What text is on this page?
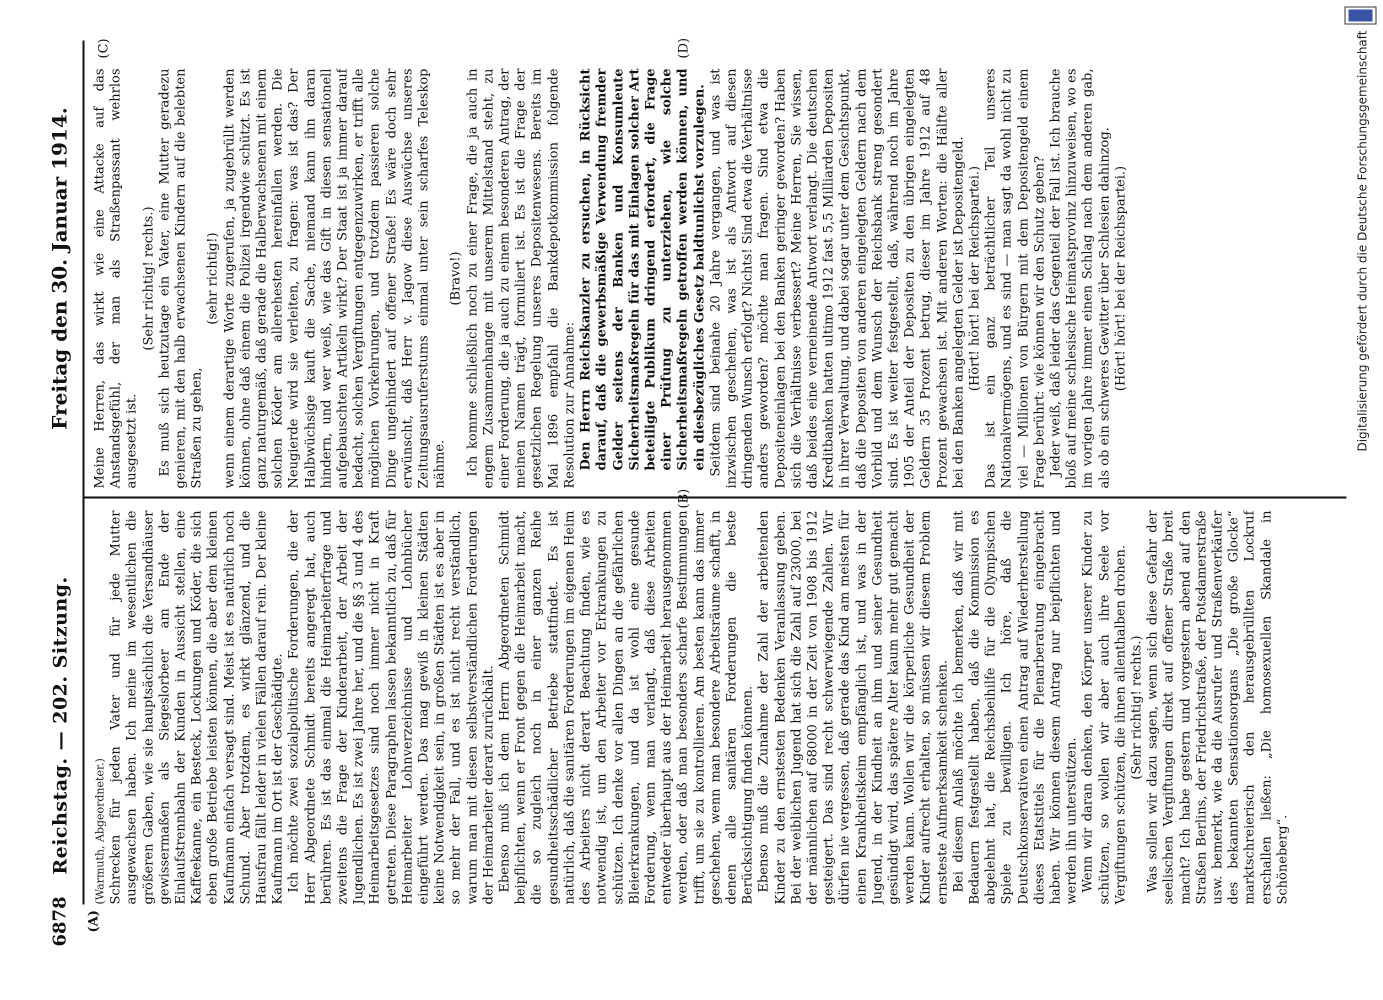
6878
Reichstag. — 202. Sitzung.
Freitag den 30. Januar 1914.
(A)
(B)
(C)	(D)

(Warmuth, Abgeordneter.) Schrecken für jeden Vater und für jede Mutter ausgewachsen haben. Ich meine im wesentlichen die größeren Gaben, wie sie hauptsächlich die Versandhäuser gewissermaßen als Siegeslorbeer am Ende der Einlaufstrennbahn der Kunden in Aussicht stellen, eine Kaffeekanne, ein Besteck, Lockungen und Köder, die sich eben große Betriebe leisten können, die aber dem kleinen Kaufmann einfach versagt sind. Meist ist es natürlich noch Schund. Aber trotzdem, es wirkt glänzend, und die Hausfrau fällt leider in vielen Fällen darauf rein. Der kleine Kaufmann im Ort ist der Geschädigte. Ich möchte zwei sozialpolitische Forderungen, die der Herr Abgeordnete Schmidt bereits angeregt hat, auch berühren. Es ist das einmal die Heimarbeiterfrage und zweitens die Frage der Kinderarbeit, der Arbeit der Jugendlichen. Es ist zwei Jahre her, und die §§ 3 und 4 des Heimarbeitsgesetzes sind noch immer nicht in Kraft getreten. Diese Paragraphen lassen bekanntlich zu, daß für Heimarbeiter Lohnverzeichnisse und Lohnbücher eingeführt werden. Das mag gewiß in kleinen Städten keine Notwendigkeit sein, in großen Städten ist es aber in so mehr der Fall, und es ist nicht recht verständlich, warum man mit diesen selbstverständlichen Forderungen der Heimarbeiter derart zurückhält. Ebenso muß ich dem Herrn Abgeordneten Schmidt beipflichten, wenn er Front gegen die Heimarbeit macht, die so zugleich noch in einer ganzen Reihe gesundheitsschädlicher Betriebe stattfindet. Es ist natürlich, daß die sanitären Forderungen im eigenen Heim des Arbeiters nicht derart Beachtung finden, wie es notwendig ist, um den Arbeiter vor Erkrankungen zu schützen. Ich denke vor allen Dingen an die gefährlichen Bleierkrankungen, und da ist wohl eine gesunde Forderung, wenn man verlangt, daß diese Arbeiten entweder überhaupt aus der Heimarbeit herausgenommen werden, oder daß man besonders scharfe Bestimmungen trifft, um sie zu kontrollieren. Am besten kann das immer geschehen, wenn man besondere Arbeitsräume schafft, in denen alle sanitären Forderungen die beste Berücksichtigung finden können. Ebenso muß die Zunahme der Zahl der arbeitenden Kinder zu den ernstesten Bedenken Veranlassung geben. Bei der weiblichen Jugend hat sich die Zahl auf 23000, bei der männlichen auf 68000 in der Zeit von 1908 bis 1912 gesteigert. Das sind recht schwerwiegende Zahlen. Wir dürfen nie vergessen, daß gerade das Kind am meisten für einen Krankheitskeim empfänglich ist, und was in der Jugend, in der Kindheit an ihm und seiner Gesundheit gesündigt wird, das spätere Alter kaum mehr gut gemacht werden kann. Wollen wir die körperliche Gesundheit der Kinder aufrecht erhalten, so müssen wir diesem Problem ernsteste Aufmerksamkeit schenken. Bei diesem Anlaß möchte ich bemerken, daß wir mit Bedauern festgestellt haben, daß die Kommission es abgelehnt hat, die Reichsbeihilfe für die Olympischen Spiele zu bewilligen. Ich höre, daß die Deutschkonservativen einen Antrag auf Wiederherstellung dieses Etatstitels für die Plenarberatung eingebracht haben. Wir können diesem Antrag nur beipflichten und werden ihn unterstützen. Wenn wir daran denken, den Körper unserer Kinder zu schützen, so wollen wir aber auch ihre Seele vor Vergiftungen schützen, die ihnen allenthalben drohen. (Sehr richtig! rechts.) Was sollen wir dazu sagen, wenn sich diese Gefahr der seelischen Vergiftungen direkt auf offener Straße breit macht? Ich habe gestern und vorgestern abend auf den Straßen Berlins, der Friedrichstraße, der Potsdamerstraße usw. bemerkt, wie da die Ausrufer und Straßenverkäufer des bekannten Sensationsorgans „Die große Glocke“ marktschreierisch den herausgebrüllten Lockruf erschallen ließen: „Die homosexuellen Skandale in Schöneberg“.

Meine Herren, das wirkt wie eine Attacke auf das Anstandsgefühl, der man als Straßenpassant wehrlos ausgesetzt ist.

(Sehr richtig! rechts.) Es muß sich heutzutage ein Vater, eine Mutter geradezu genieren, mit den halb erwachsenen Kindern auf die belebten Straßen zu gehen,

(sehr richtig!) wenn einem derartige Worte zugerufen, ja zugebrüllt werden können, ohne daß einem die Polizei irgendwie schützt. Es ist ganz naturgemäß, daß gerade die Halberwachsenen mit einem solchen Köder am allerehesten hereinfallen werden. Die Neugierde wird sie verleiten, zu fragen: was ist das? Der Halbwüchsige kauft die Sache, niemand kann ihn daran hindern, und wer weiß, wie das Gift in diesen sensationell aufgebauschten Artikeln wirkt? Der Staat ist ja immer darauf bedacht, solchen Vergiftungen entgegenzuwirken, er trifft alle möglichen Vorkehrungen, und trotzdem passieren solche Dinge ungehindert auf offener Straße! Es wäre doch sehr erwünscht, daß Herr v. Jagow diese Auswüchse unseres Zeitungsausruferstums einmal unter sein scharfes Teleskop nähme.

(Bravo!) Ich komme schließlich noch zu einer Frage, die ja auch in engem Zusammenhange mit unserem Mittelstand steht, zu einer Forderung, die ja auch zu einem besonderen Antrag, der meinen Namen trägt, formuliert ist. Es ist die Frage der gesetzlichen Regelung unseres Depositenwesens. Bereits im Mai 1896 empfahl die Bankdepotkommission folgende Resolution zur Annahme: Den Herrn Reichskanzler zu ersuchen, in Rücksicht darauf, daß die gewerbsmäßige Verwendung fremder Gelder seitens der Banken und Konsumleute Sicherheitsmaßregeln für das mit Einlagen solcher Art beteiligte Publikum dringend erfordert, die Frage einer Prüfung zu unterziehen, wie solche Sicherheitsmaßregeln getroffen werden können, und ein diesbezügliches Gesetz baldtunlichst vorzulegen. Seitdem sind beinahe 20 Jahre vergangen, und was ist inzwischen geschehen, was ist als Antwort auf diesen dringenden Wunsch erfolgt? Nichts! Sind etwa die Verhältnisse anders geworden? möchte man fragen. Sind etwa die Depositeneinlagen bei den Banken geringer geworden? Haben sich die Verhältnisse verbessert? Meine Herren, Sie wissen, daß beides eine verneinende Antwort verlangt. Die deutschen Kreditbanken hatten ultimo 1912 fast 5,5 Milliarden Depositen in ihrer Verwaltung, und dabei sogar unter dem Gesichtspunkt, daß die Depositen von anderen eingelegten Geldern nach dem Vorbild und dem Wunsch der Reichsbank streng gesondert sind. Es ist weiter festgestellt, daß, während noch im Jahre 1905 der Anteil der Depositen zu den übrigen eingelegten Geldern 35 Prozent betrug, dieser im Jahre 1912 auf 48 Prozent gewachsen ist. Mit anderen Worten: die Hälfte aller bei den Banken angelegten Gelder ist Depositengeld. (Hört! hört! bei der Reichspartei.) Das ist ein ganz beträchtlicher Teil unseres Nationalvermögens, und es sind — man sagt da wohl nicht zu viel — Millionen von Bürgern mit dem Depositengeld einem Frage berührt: wie können wir den Schutz geben? Jeder weiß, daß leider das Gegenteil der Fall ist. Ich brauche bloß auf meine schlesische Heimatsprovinz hinzuweisen, wo es im vorigen Jahre immer einen Schlag nach dem anderen gab, als ob ein schweres Gewitter über Schlesien dahinzog. (Hört! hört! bei der Reichspartei.)	Digitalisierung gefördert durch die Deutsche Forschungsgemeinschaft
